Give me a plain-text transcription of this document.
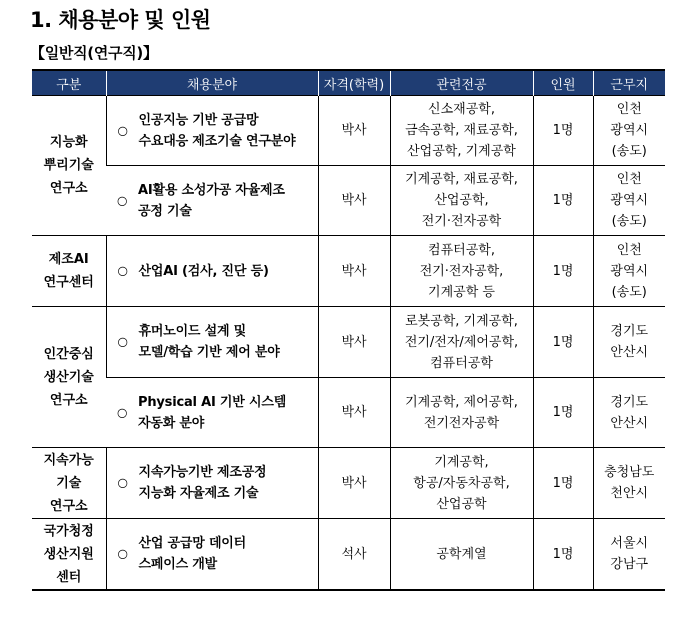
1. 채용분야 및 인원
【일반직(연구직)】
구분	채용분야	자격(학력)	관련전공	인원	근무지

지능화
뿌리기술
연구소	○
인공지능 기반 공급망
수요대응 제조기술 연구분야	박사	신소재공학,
금속공학, 재료공학,
산업공학, 기계공학	1명	인천
광역시
(송도)

	○
AI활용 소성가공 자율제조
공정 기술	박사	기계공학, 재료공학,
산업공학,
전기·전자공학	1명	인천
광역시
(송도)

제조AI
연구센터	○ 산업AI (검사, 진단 등)	박사	컴퓨터공학,
전기·전자공학,
기계공학 등	1명	인천
광역시
(송도)

인간중심
생산기술
연구소	○
휴머노이드 설계 및
모델/학습 기반 제어 분야	박사	로봇공학, 기계공학,
전기/전자/제어공학,
컴퓨터공학	1명	경기도
안산시

	○
Physical AI 기반 시스템
자동화 분야	박사	기계공학, 제어공학,
전기전자공학	1명	경기도
안산시

지속가능
기술
연구소	○
지속가능기반 제조공정
지능화 자율제조 기술	박사	기계공학,
항공/자동차공학,
산업공학	1명	충청남도
천안시

국가청정
생산지원
센터	○
산업 공급망 데이터
스페이스 개발	석사	공학계열	1명	서울시
강남구
